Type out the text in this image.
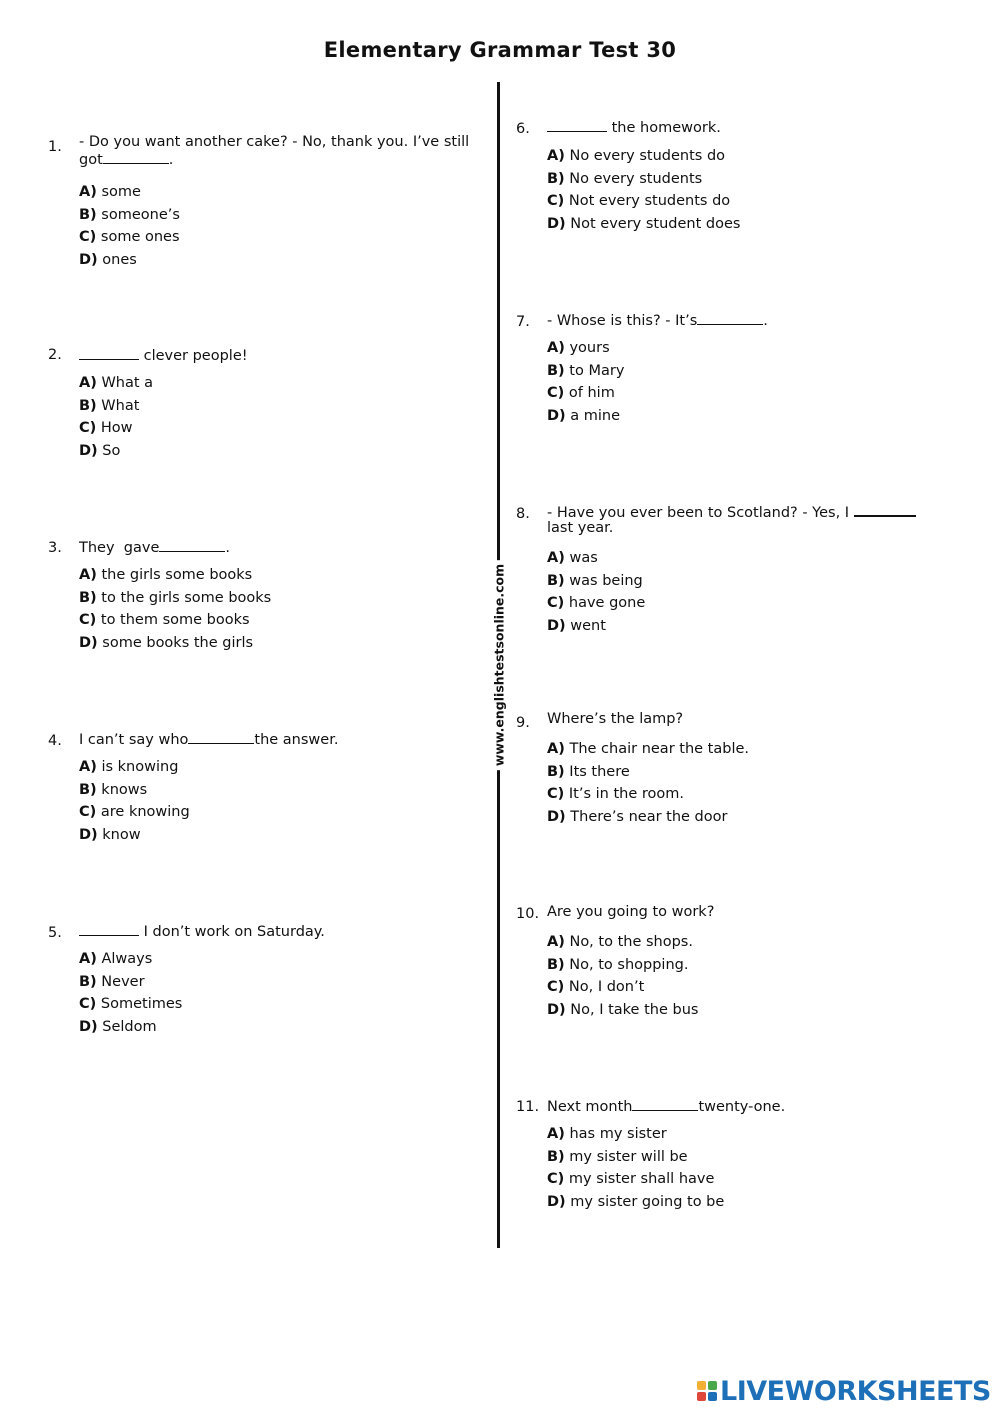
Elementary Grammar Test 30
www.englishtestsonline.com
1. - Do you want another cake? - No, thank you. I’ve still got	.
A) some
B) someone’s
C) some ones
D) ones
2.	clever people!
A) What a
B) What
C) How
D) So
3. They  gave	.
A) the girls some books
B) to the girls some books
C) to them some books
D) some books the girls
4. I can’t say who	the answer.
A) is knowing
B) knows
C) are knowing
D) know
5.	I don’t work on Saturday.
A) Always
B) Never
C) Sometimes
D) Seldom
6.	the homework.
A) No every students do
B) No every students
C) Not every students do
D) Not every student does
7. - Whose is this? - It’s	.
A) yours
B) to Mary
C) of him
D) a mine
8. - Have you ever been to Scotland? - Yes, I  last year.
A) was
B) was being
C) have gone
D) went
9. Where’s the lamp?
A) The chair near the table.
B) Its there
C) It’s in the room.
D) There’s near the door
10. Are you going to work?
A) No, to the shops.
B) No, to shopping.
C) No, I don’t
D) No, I take the bus
11. Next month	twenty-one.
A) has my sister
B) my sister will be
C) my sister shall have
D) my sister going to be
LIVEWORKSHEETS
